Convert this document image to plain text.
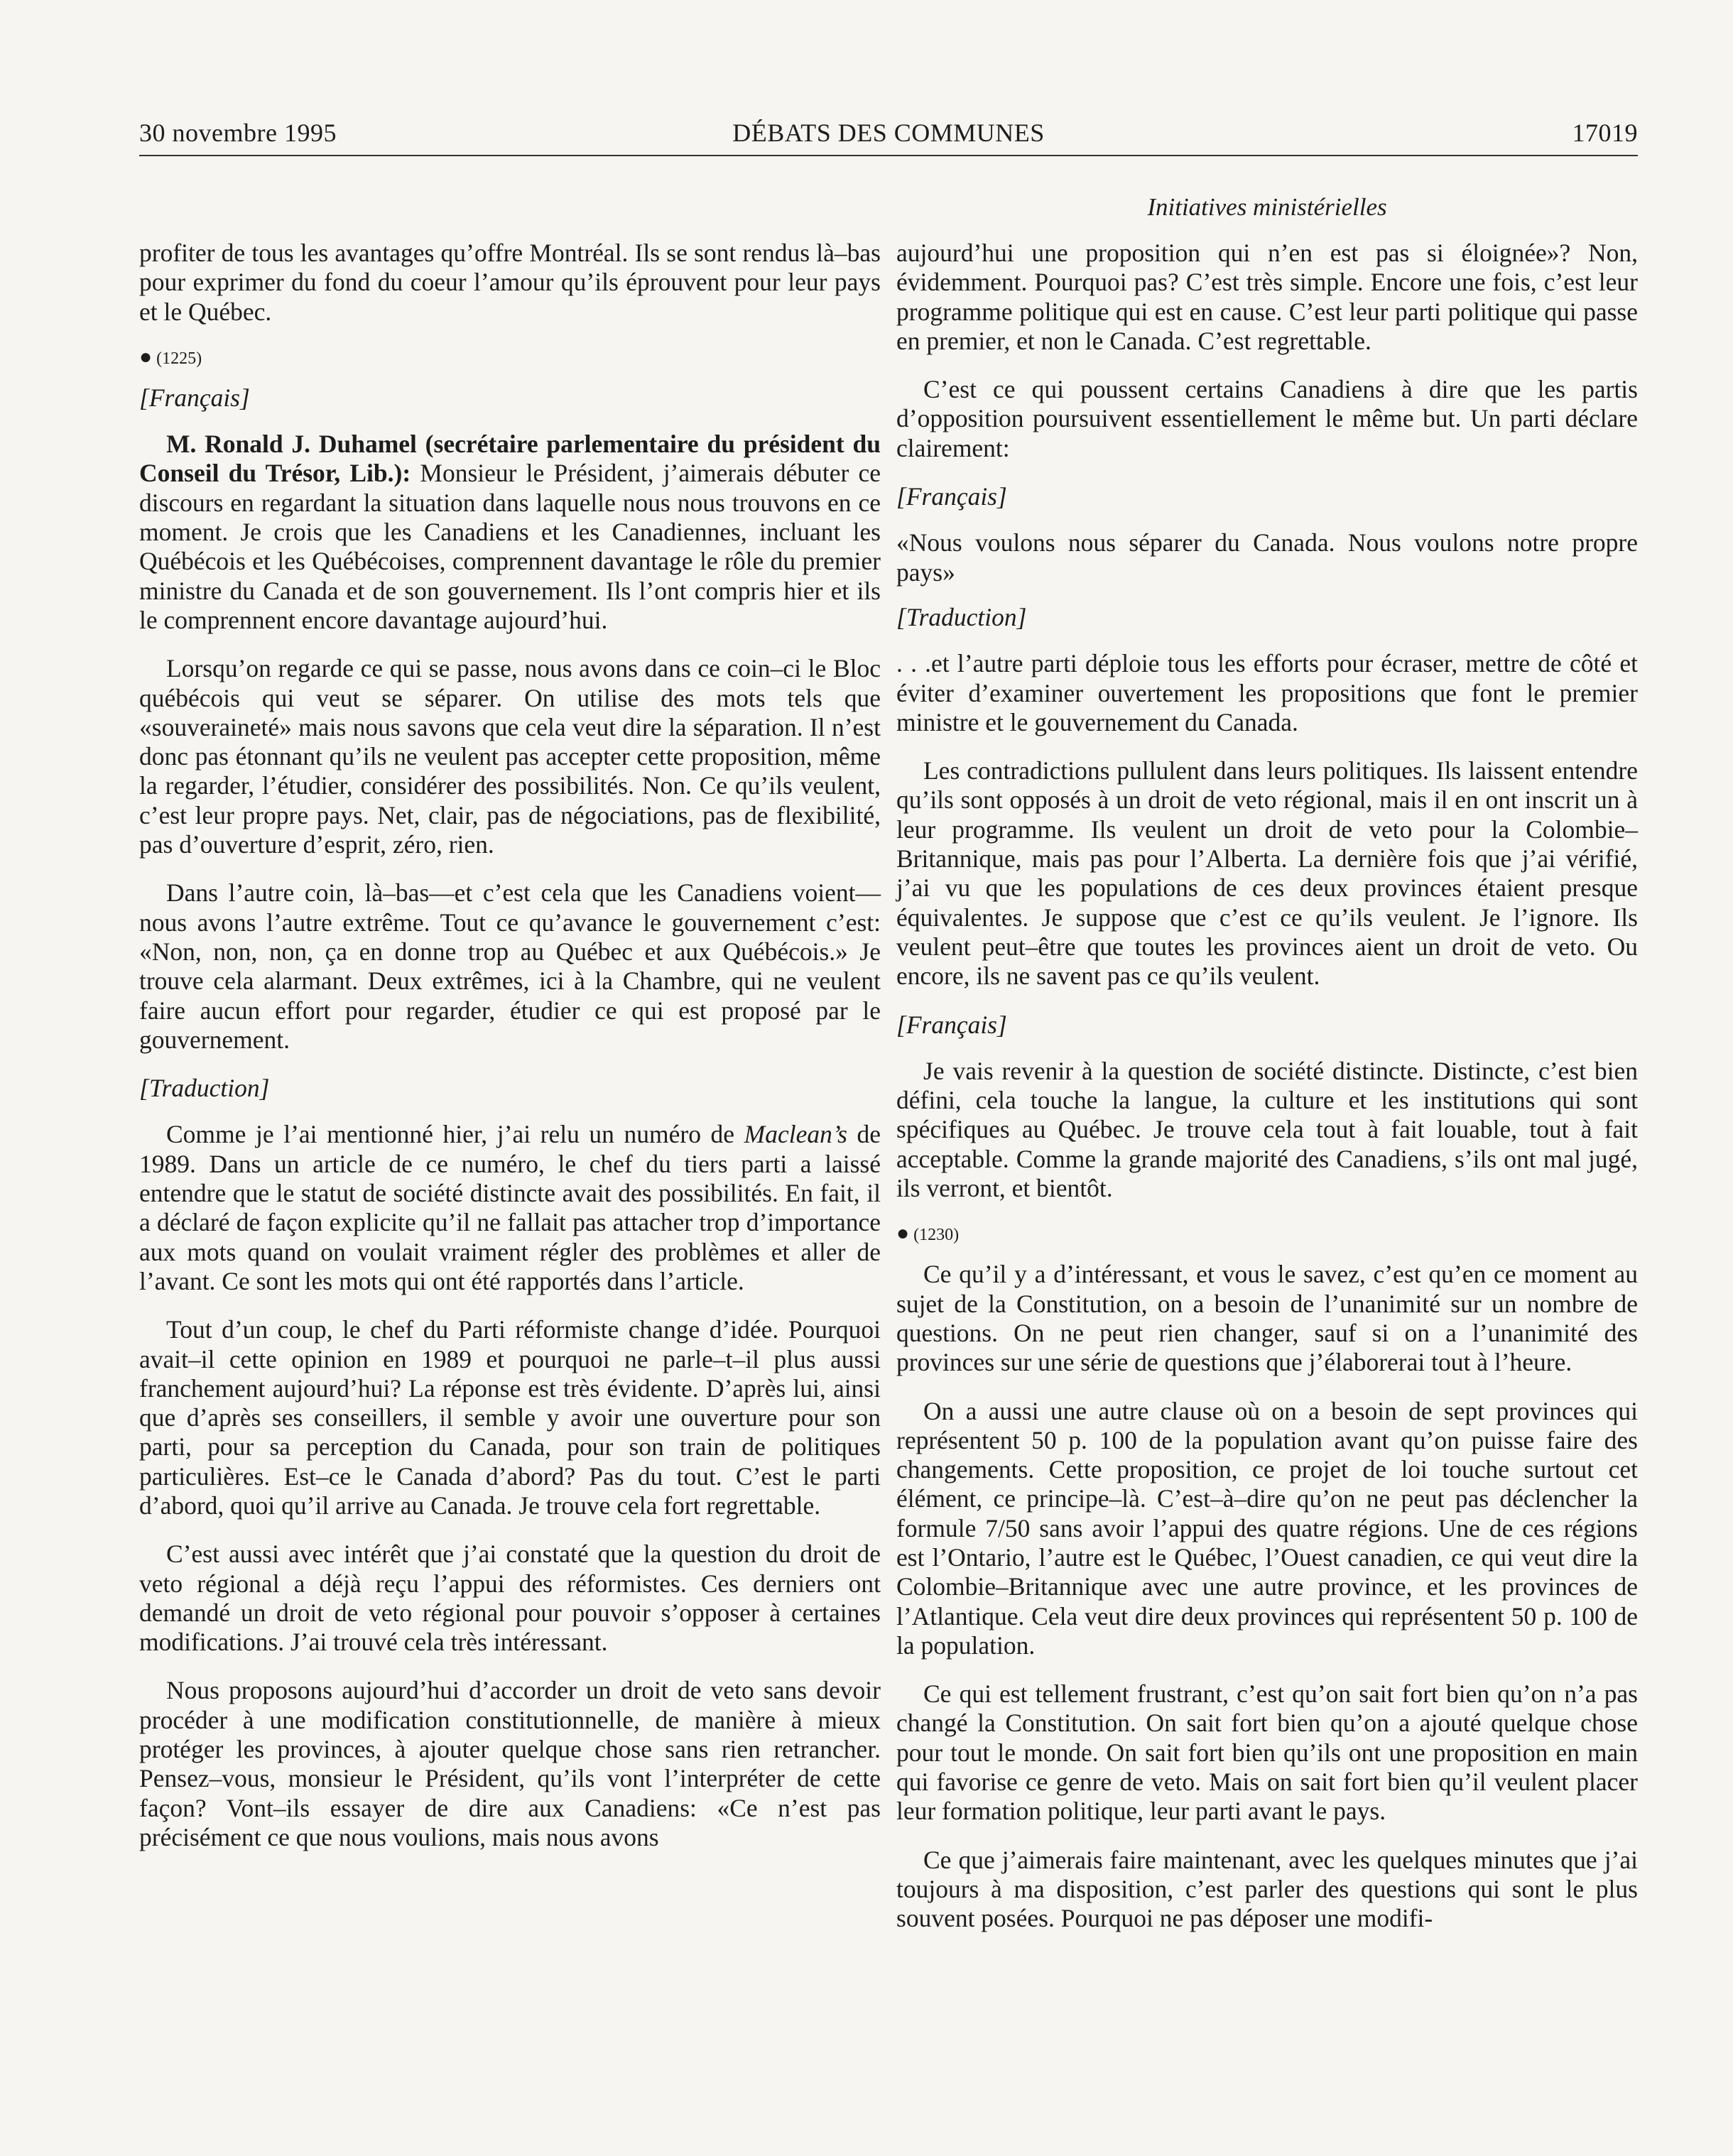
30 novembre 1995	DÉBATS DES COMMUNES	17019
Initiatives ministérielles

profiter de tous les avantages qu’offre Montréal. Ils se sont rendus là–bas pour exprimer du fond du coeur l’amour qu’ils éprouvent pour leur pays et le Québec.

● (1225)

[Français]

M. Ronald J. Duhamel (secrétaire parlementaire du président du Conseil du Trésor, Lib.): Monsieur le Président, j’aimerais débuter ce discours en regardant la situation dans laquelle nous nous trouvons en ce moment. Je crois que les Canadiens et les Canadiennes, incluant les Québécois et les Québécoises, comprennent davantage le rôle du premier ministre du Canada et de son gouvernement. Ils l’ont compris hier et ils le comprennent encore davantage aujourd’hui.

Lorsqu’on regarde ce qui se passe, nous avons dans ce coin–ci le Bloc québécois qui veut se séparer. On utilise des mots tels que «souveraineté» mais nous savons que cela veut dire la séparation. Il n’est donc pas étonnant qu’ils ne veulent pas accepter cette proposition, même la regarder, l’étudier, considérer des possibilités. Non. Ce qu’ils veulent, c’est leur propre pays. Net, clair, pas de négociations, pas de flexibilité, pas d’ouverture d’esprit, zéro, rien.

Dans l’autre coin, là–bas—et c’est cela que les Canadiens voient—nous avons l’autre extrême. Tout ce qu’avance le gouvernement c’est: «Non, non, non, ça en donne trop au Québec et aux Québécois.» Je trouve cela alarmant. Deux extrêmes, ici à la Chambre, qui ne veulent faire aucun effort pour regarder, étudier ce qui est proposé par le gouvernement.

[Traduction]

Comme je l’ai mentionné hier, j’ai relu un numéro de Maclean’s de 1989. Dans un article de ce numéro, le chef du tiers parti a laissé entendre que le statut de société distincte avait des possibilités. En fait, il a déclaré de façon explicite qu’il ne fallait pas attacher trop d’importance aux mots quand on voulait vraiment régler des problèmes et aller de l’avant. Ce sont les mots qui ont été rapportés dans l’article.

Tout d’un coup, le chef du Parti réformiste change d’idée. Pourquoi avait–il cette opinion en 1989 et pourquoi ne parle–t–il plus aussi franchement aujourd’hui? La réponse est très évidente. D’après lui, ainsi que d’après ses conseillers, il semble y avoir une ouverture pour son parti, pour sa perception du Canada, pour son train de politiques particulières. Est–ce le Canada d’abord? Pas du tout. C’est le parti d’abord, quoi qu’il arrive au Canada. Je trouve cela fort regrettable.

C’est aussi avec intérêt que j’ai constaté que la question du droit de veto régional a déjà reçu l’appui des réformistes. Ces derniers ont demandé un droit de veto régional pour pouvoir s’opposer à certaines modifications. J’ai trouvé cela très intéressant.

Nous proposons aujourd’hui d’accorder un droit de veto sans devoir procéder à une modification constitutionnelle, de manière à mieux protéger les provinces, à ajouter quelque chose sans rien retrancher. Pensez–vous, monsieur le Président, qu’ils vont l’interpréter de cette façon? Vont–ils essayer de dire aux Canadiens: «Ce n’est pas précisément ce que nous voulions, mais nous avons

aujourd’hui une proposition qui n’en est pas si éloignée»? Non, évidemment. Pourquoi pas? C’est très simple. Encore une fois, c’est leur programme politique qui est en cause. C’est leur parti politique qui passe en premier, et non le Canada. C’est regrettable.

C’est ce qui poussent certains Canadiens à dire que les partis d’opposition poursuivent essentiellement le même but. Un parti déclare clairement:

[Français]

«Nous voulons nous séparer du Canada. Nous voulons notre propre pays»

[Traduction]

. . .et l’autre parti déploie tous les efforts pour écraser, mettre de côté et éviter d’examiner ouvertement les propositions que font le premier ministre et le gouvernement du Canada.

Les contradictions pullulent dans leurs politiques. Ils laissent entendre qu’ils sont opposés à un droit de veto régional, mais il en ont inscrit un à leur programme. Ils veulent un droit de veto pour la Colombie–Britannique, mais pas pour l’Alberta. La dernière fois que j’ai vérifié, j’ai vu que les populations de ces deux provinces étaient presque équivalentes. Je suppose que c’est ce qu’ils veulent. Je l’ignore. Ils veulent peut–être que toutes les provinces aient un droit de veto. Ou encore, ils ne savent pas ce qu’ils veulent.

[Français]

Je vais revenir à la question de société distincte. Distincte, c’est bien défini, cela touche la langue, la culture et les institutions qui sont spécifiques au Québec. Je trouve cela tout à fait louable, tout à fait acceptable. Comme la grande majorité des Canadiens, s’ils ont mal jugé, ils verront, et bientôt.

● (1230)

Ce qu’il y a d’intéressant, et vous le savez, c’est qu’en ce moment au sujet de la Constitution, on a besoin de l’unanimité sur un nombre de questions. On ne peut rien changer, sauf si on a l’unanimité des provinces sur une série de questions que j’élaborerai tout à l’heure.

On a aussi une autre clause où on a besoin de sept provinces qui représentent 50 p. 100 de la population avant qu’on puisse faire des changements. Cette proposition, ce projet de loi touche surtout cet élément, ce principe–là. C’est–à–dire qu’on ne peut pas déclencher la formule 7/50 sans avoir l’appui des quatre régions. Une de ces régions est l’Ontario, l’autre est le Québec, l’Ouest canadien, ce qui veut dire la Colombie–Britannique avec une autre province, et les provinces de l’Atlantique. Cela veut dire deux provinces qui représentent 50 p. 100 de la population.

Ce qui est tellement frustrant, c’est qu’on sait fort bien qu’on n’a pas changé la Constitution. On sait fort bien qu’on a ajouté quelque chose pour tout le monde. On sait fort bien qu’ils ont une proposition en main qui favorise ce genre de veto. Mais on sait fort bien qu’il veulent placer leur formation politique, leur parti avant le pays.

Ce que j’aimerais faire maintenant, avec les quelques minutes que j’ai toujours à ma disposition, c’est parler des questions qui sont le plus souvent posées. Pourquoi ne pas déposer une modifi-
